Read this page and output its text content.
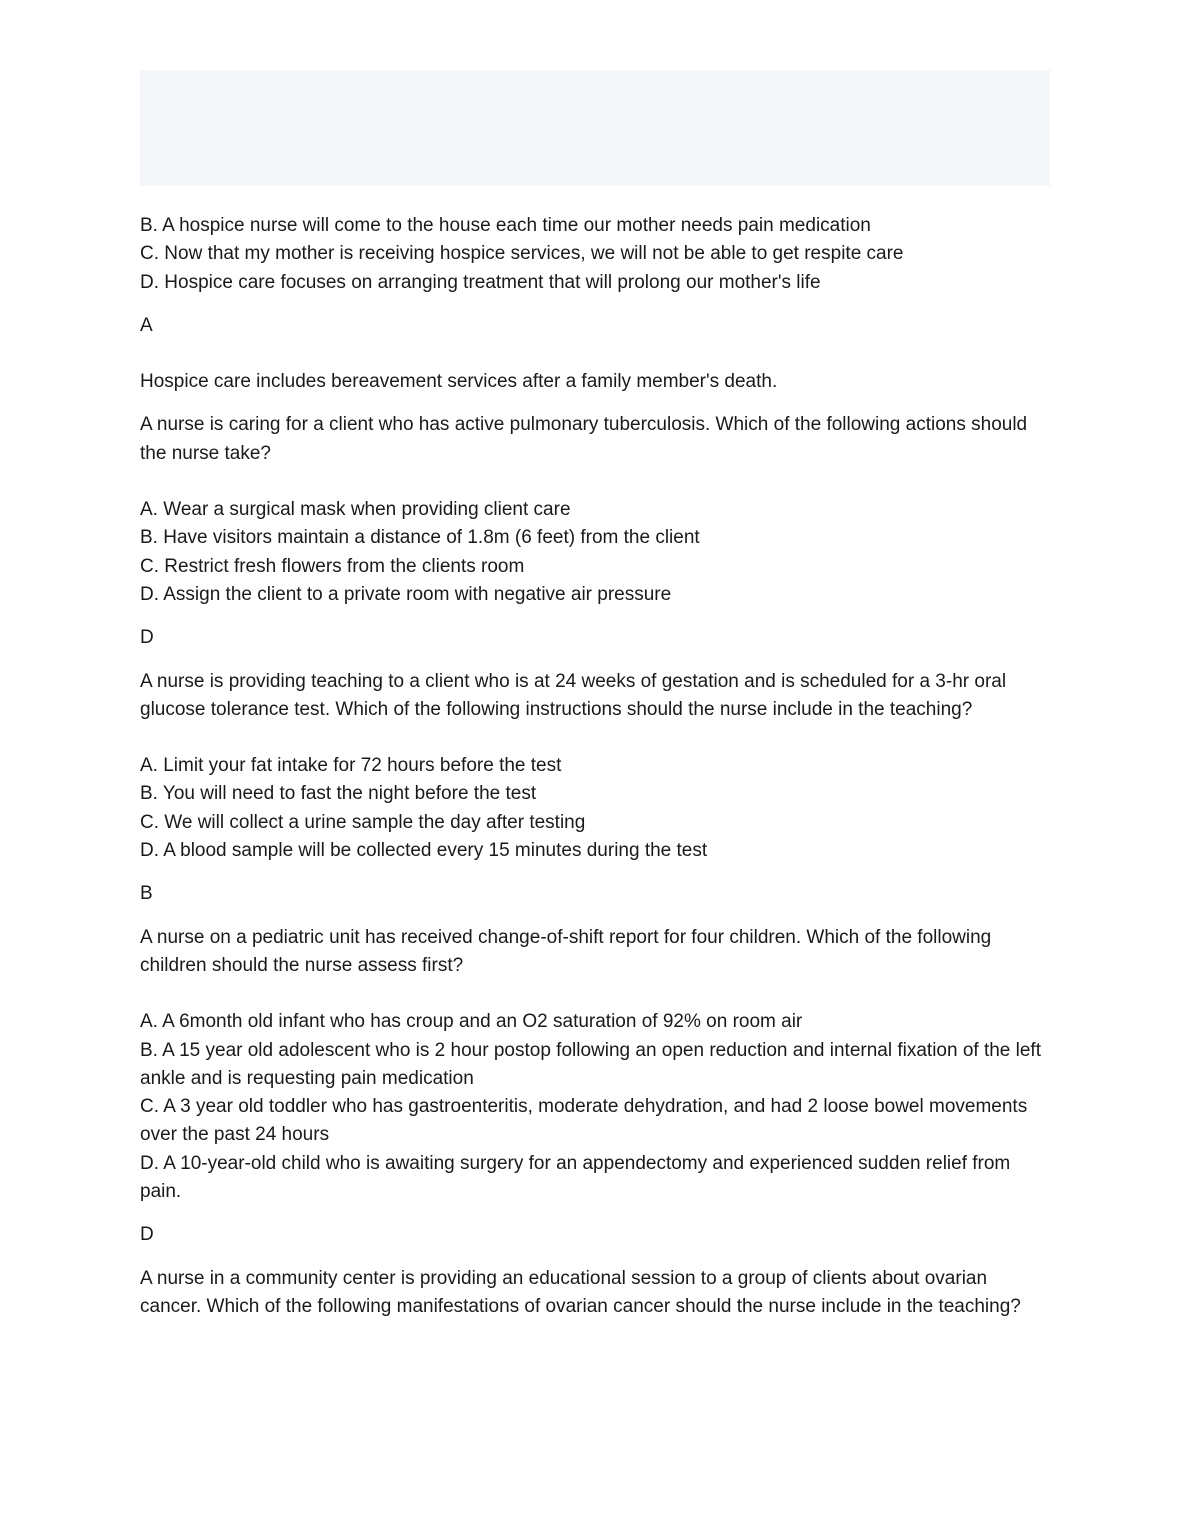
B. A hospice nurse will come to the house each time our mother needs pain medication

C. Now that my mother is receiving hospice services, we will not be able to get respite care

D. Hospice care focuses on arranging treatment that will prolong our mother's life

A

Hospice care includes bereavement services after a family member's death.

A nurse is caring for a client who has active pulmonary tuberculosis. Which of the following actions should the nurse take?

A. Wear a surgical mask when providing client care

B. Have visitors maintain a distance of 1.8m (6 feet) from the client

C. Restrict fresh flowers from the clients room

D. Assign the client to a private room with negative air pressure

D

A nurse is providing teaching to a client who is at 24 weeks of gestation and is scheduled for a 3-hr oral glucose tolerance test. Which of the following instructions should the nurse include in the teaching?

A. Limit your fat intake for 72 hours before the test

B. You will need to fast the night before the test

C. We will collect a urine sample the day after testing

D. A blood sample will be collected every 15 minutes during the test

B

A nurse on a pediatric unit has received change-of-shift report for four children. Which of the following children should the nurse assess first?

A. A 6month old infant who has croup and an O2 saturation of 92% on room air

B. A 15 year old adolescent who is 2 hour postop following an open reduction and internal fixation of the left ankle and is requesting pain medication

C. A 3 year old toddler who has gastroenteritis, moderate dehydration, and had 2 loose bowel movements over the past 24 hours

D. A 10-year-old child who is awaiting surgery for an appendectomy and experienced sudden relief from pain.

D

A nurse in a community center is providing an educational session to a group of clients about ovarian cancer. Which of the following manifestations of ovarian cancer should the nurse include in the teaching?
